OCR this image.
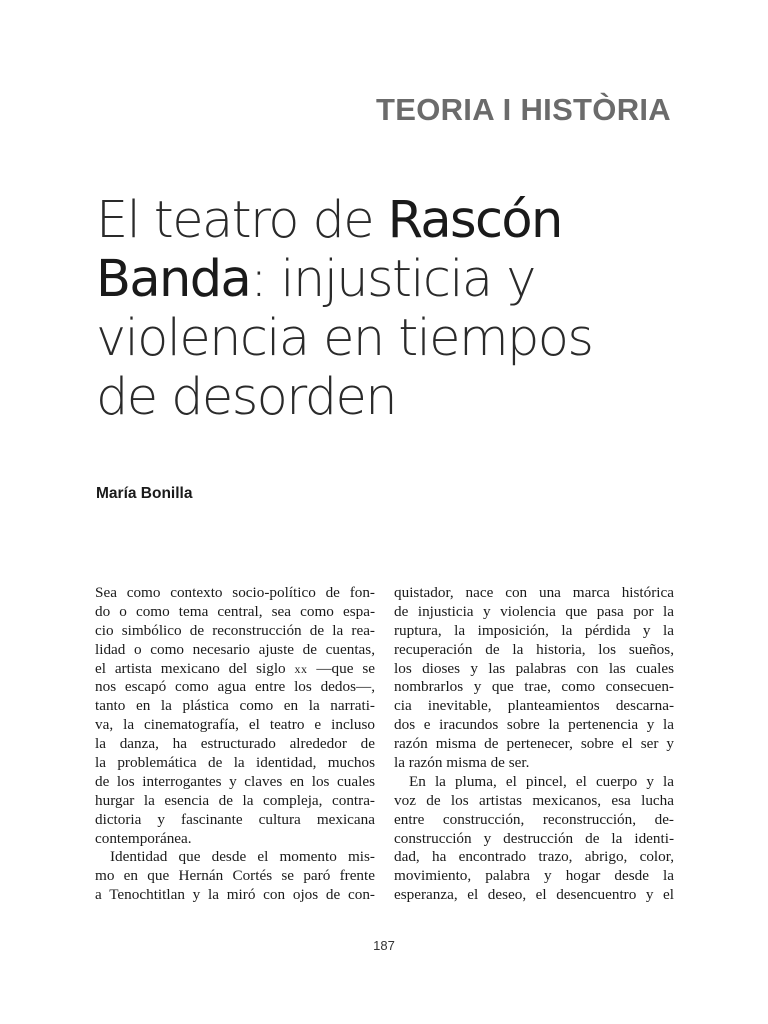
TEORIA I HISTÒRIA
El teatro de Rascón
Banda: injusticia y
violencia en tiempos
de desorden
María Bonilla
Sea como contexto socio-político de fon-
do o como tema central, sea como espa-
cio simbólico de reconstrucción de la rea-
lidad o como necesario ajuste de cuentas,
el artista mexicano del siglo xx —que se
nos escapó como agua entre los dedos—,
tanto en la plástica como en la narrati-
va, la cinematografía, el teatro e incluso
la danza, ha estructurado alrededor de
la problemática de la identidad, muchos
de los interrogantes y claves en los cuales
hurgar la esencia de la compleja, contra-
dictoria y fascinante cultura mexicana
contemporánea.
Identidad que desde el momento mis-
mo en que Hernán Cortés se paró frente
a Tenochtitlan y la miró con ojos de con-
quistador, nace con una marca histórica
de injusticia y violencia que pasa por la
ruptura, la imposición, la pérdida y la
recuperación de la historia, los sueños,
los dioses y las palabras con las cuales
nombrarlos y que trae, como consecuen-
cia inevitable, planteamientos descarna-
dos e iracundos sobre la pertenencia y la
razón misma de pertenecer, sobre el ser y
la razón misma de ser.
En la pluma, el pincel, el cuerpo y la
voz de los artistas mexicanos, esa lucha
entre construcción, reconstrucción, de-
construcción y destrucción de la identi-
dad, ha encontrado trazo, abrigo, color,
movimiento, palabra y hogar desde la
esperanza, el deseo, el desencuentro y el
187
